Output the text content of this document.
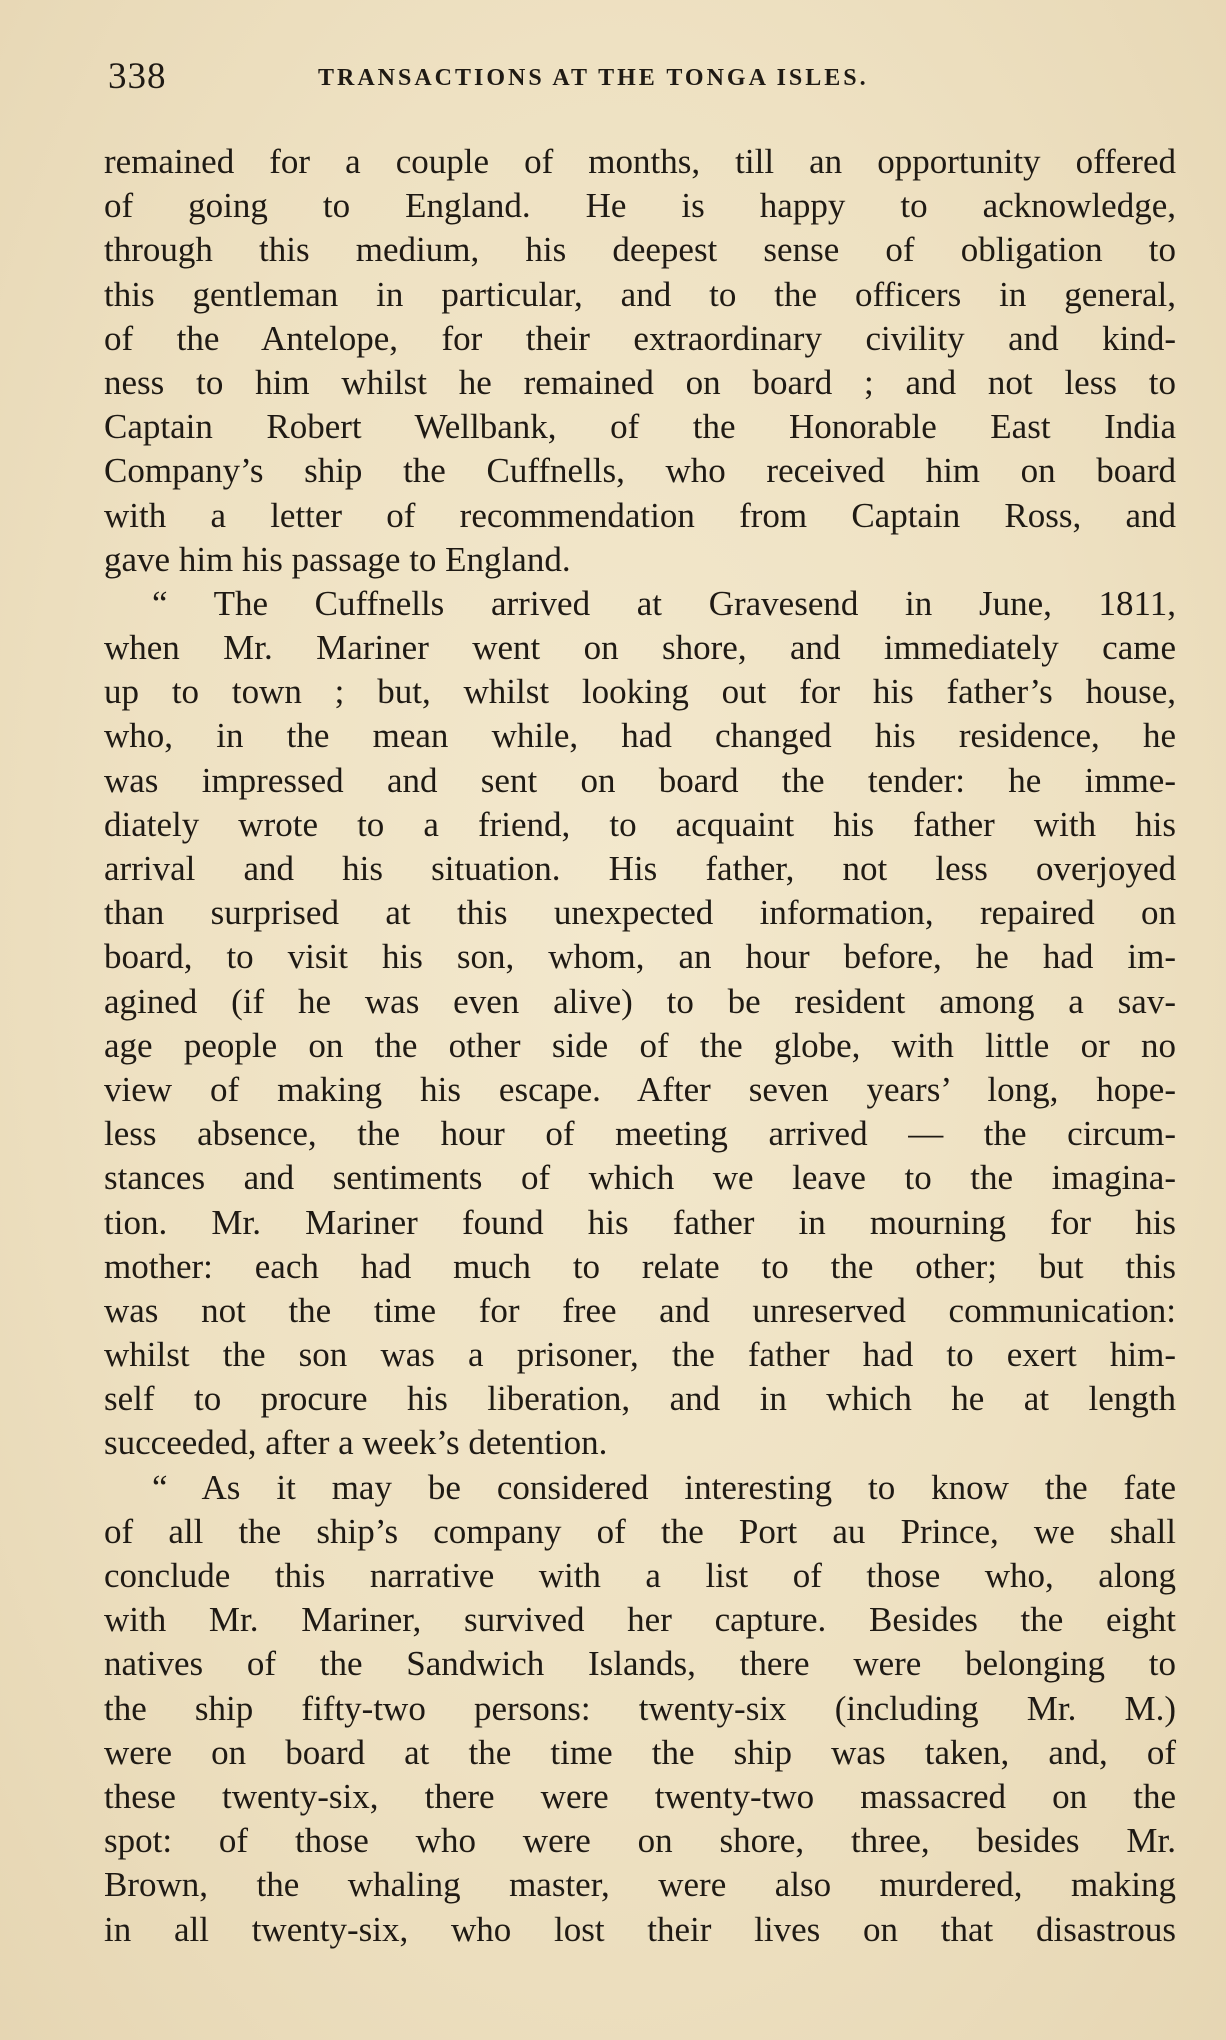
338	TRANSACTIONS AT THE TONGA ISLES.
remained for a couple of months, till an opportunity offered
of going to England. He is happy to acknowledge,
through this medium, his deepest sense of obligation to
this gentleman in particular, and to the officers in general,
of the Antelope, for their extraordinary civility and kind-
ness to him whilst he remained on board ; and not less to
Captain Robert Wellbank, of the Honorable East India
Company’s ship the Cuffnells, who received him on board
with a letter of recommendation from Captain Ross, and
gave him his passage to England.
“ The Cuffnells arrived at Gravesend in June, 1811,
when Mr. Mariner went on shore, and immediately came
up to town ; but, whilst looking out for his father’s house,
who, in the mean while, had changed his residence, he
was impressed and sent on board the tender: he imme-
diately wrote to a friend, to acquaint his father with his
arrival and his situation. His father, not less overjoyed
than surprised at this unexpected information, repaired on
board, to visit his son, whom, an hour before, he had im-
agined (if he was even alive) to be resident among a sav-
age people on the other side of the globe, with little or no
view of making his escape. After seven years’ long, hope-
less absence, the hour of meeting arrived — the circum-
stances and sentiments of which we leave to the imagina-
tion. Mr. Mariner found his father in mourning for his
mother: each had much to relate to the other; but this
was not the time for free and unreserved communication:
whilst the son was a prisoner, the father had to exert him-
self to procure his liberation, and in which he at length
succeeded, after a week’s detention.
“ As it may be considered interesting to know the fate
of all the ship’s company of the Port au Prince, we shall
conclude this narrative with a list of those who, along
with Mr. Mariner, survived her capture. Besides the eight
natives of the Sandwich Islands, there were belonging to
the ship fifty-two persons: twenty-six (including Mr. M.)
were on board at the time the ship was taken, and, of
these twenty-six, there were twenty-two massacred on the
spot: of those who were on shore, three, besides Mr.
Brown, the whaling master, were also murdered, making
in all twenty-six, who lost their lives on that disastrous
